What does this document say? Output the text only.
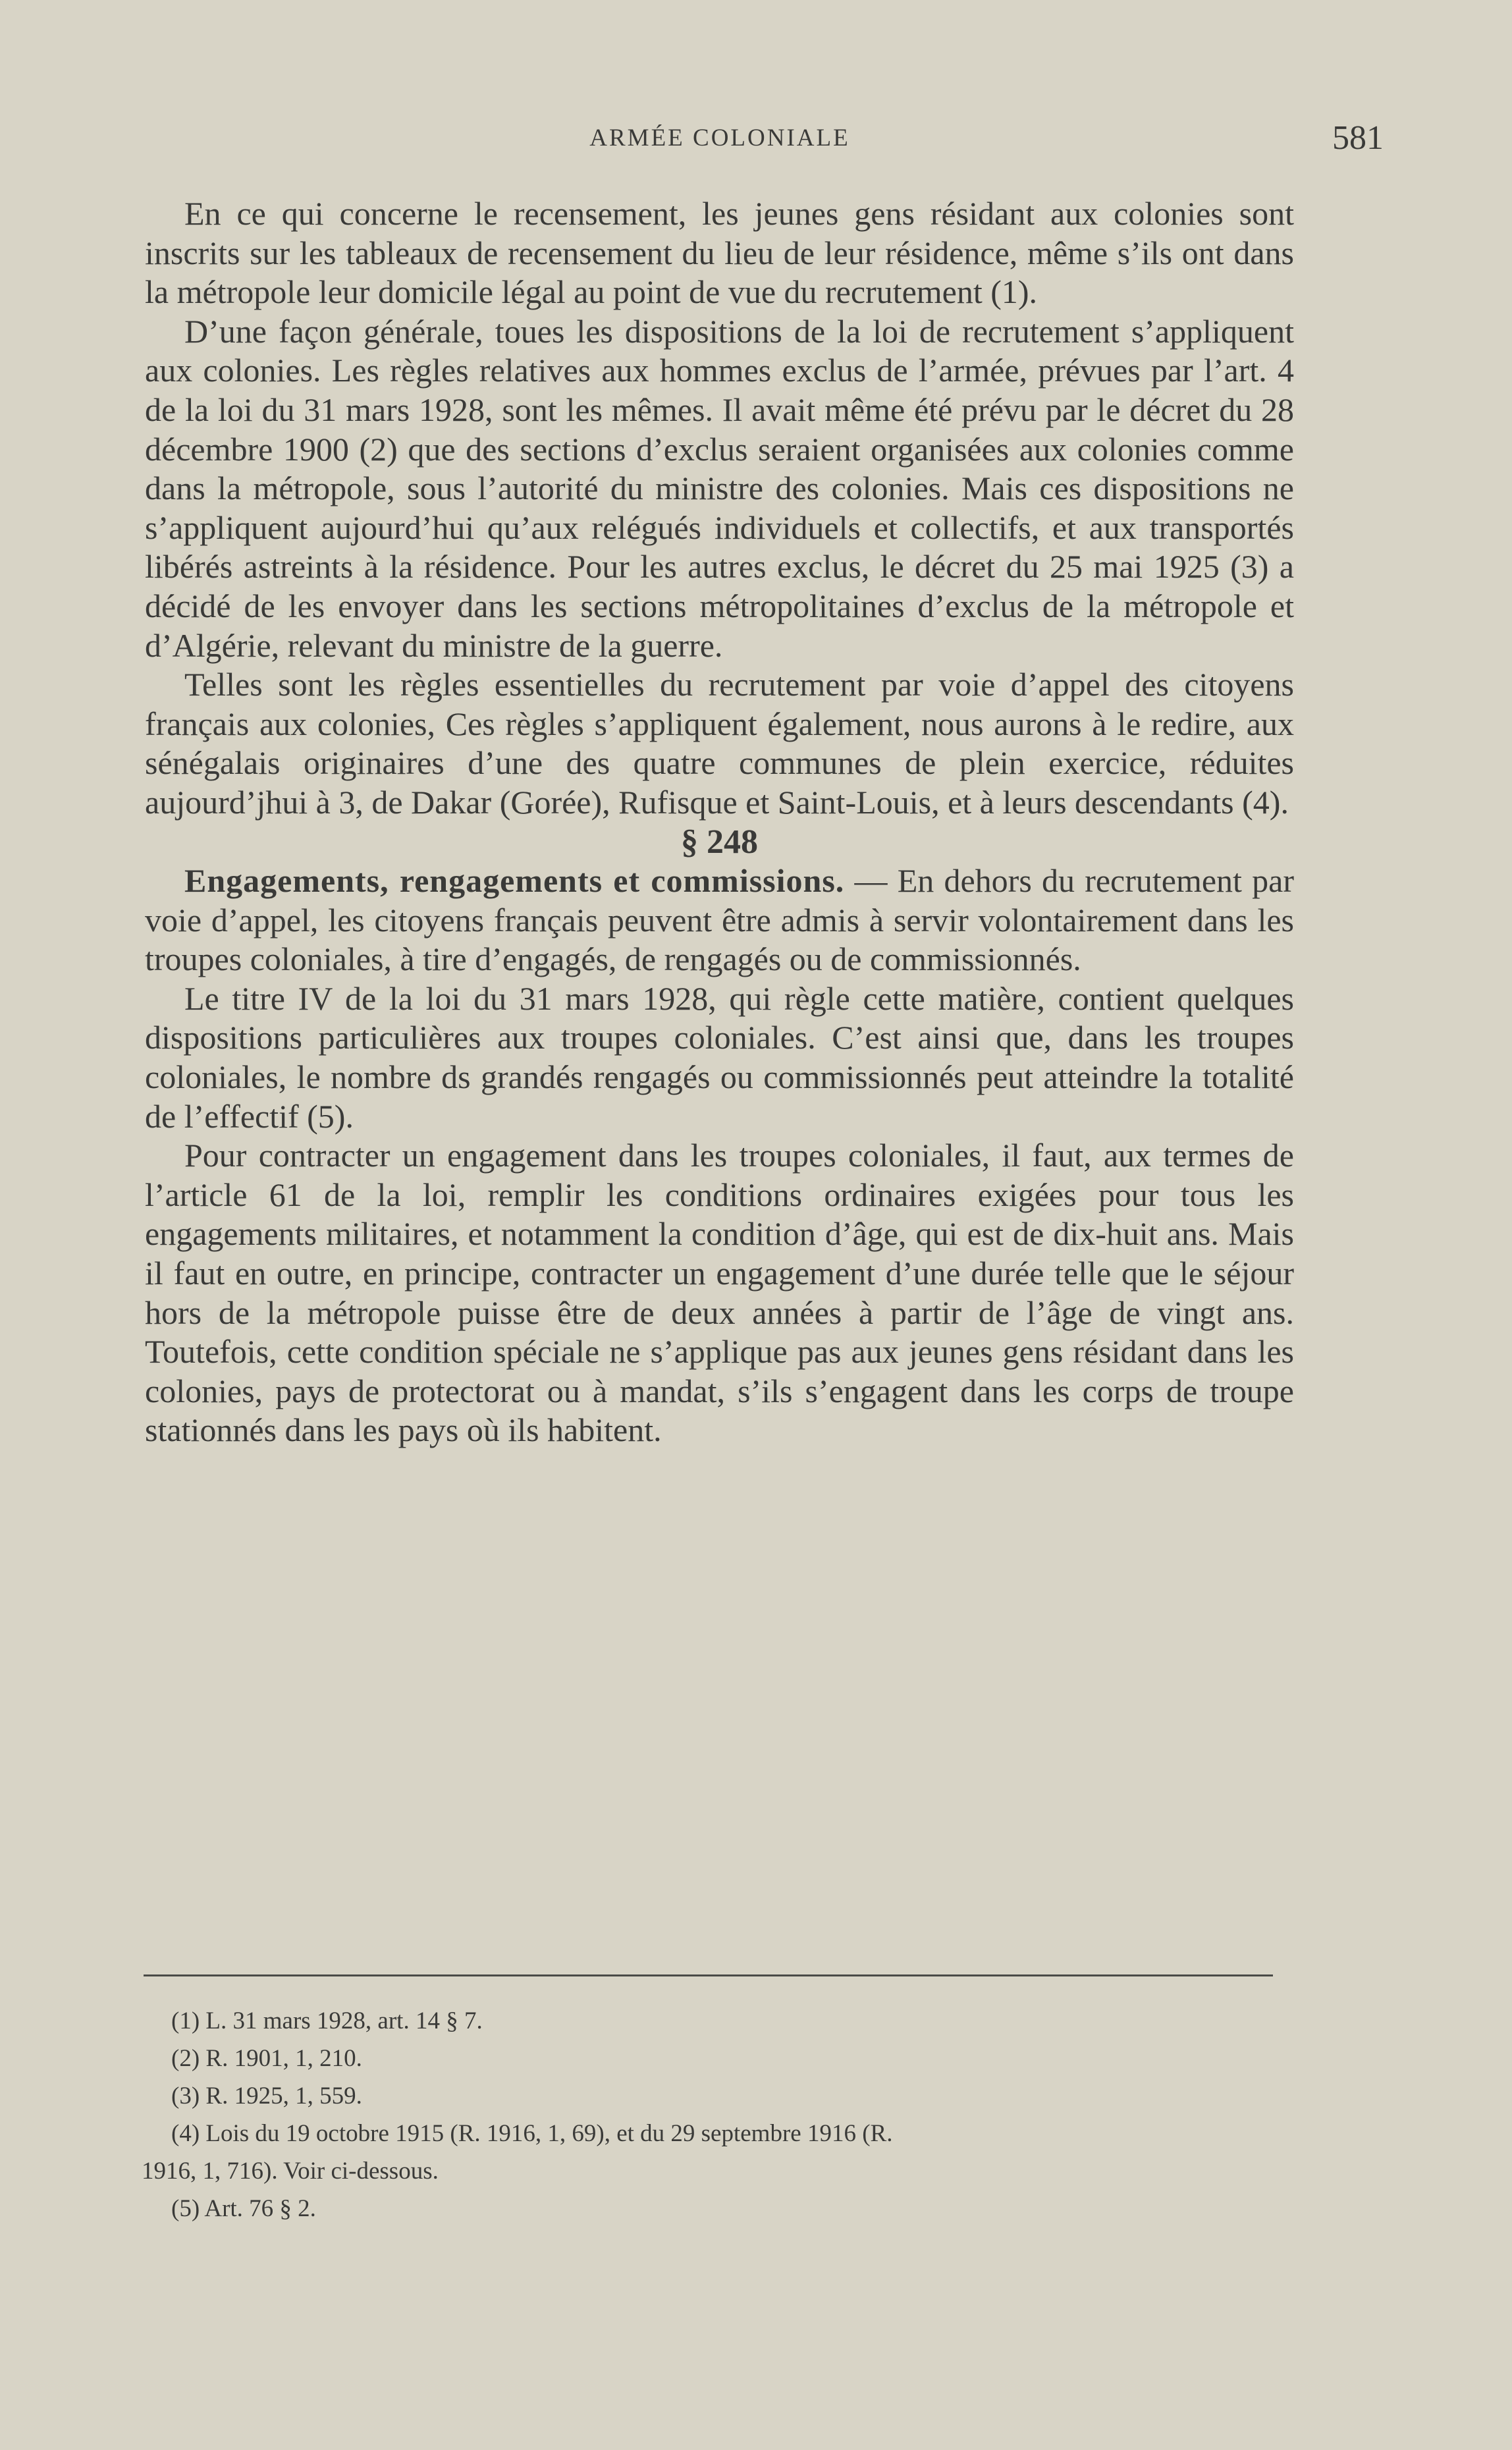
ARMÉE COLONIALE	581

En ce qui concerne le recensement, les jeunes gens résidant aux colonies sont inscrits sur les tableaux de recensement du lieu de leur résidence, même s’ils ont dans la métropole leur domicile légal au point de vue du recrutement (1).

D’une façon générale, toues les dispositions de la loi de recrutement s’appliquent aux colonies. Les règles relatives aux hommes exclus de l’armée, prévues par l’art. 4 de la loi du 31 mars 1928, sont les mêmes. Il avait même été prévu par le décret du 28 décembre 1900 (2) que des sections d’exclus seraient organisées aux colonies comme dans la métropole, sous l’autorité du ministre des colonies. Mais ces dispositions ne s’appliquent aujourd’hui qu’aux relégués individuels et collectifs, et aux transportés libérés astreints à la résidence. Pour les autres exclus, le décret du 25 mai 1925 (3) a décidé de les envoyer dans les sections métropolitaines d’exclus de la métropole et d’Algérie, relevant du ministre de la guerre.

Telles sont les règles essentielles du recrutement par voie d’appel des citoyens français aux colonies, Ces règles s’appliquent également, nous aurons à le redire, aux sénégalais originaires d’une des quatre communes de plein exercice, réduites aujourd’jhui à 3, de Dakar (Gorée), Rufisque et Saint-Louis, et à leurs descendants (4).

§ 248

Engagements, rengagements et commissions. — En dehors du recrutement par voie d’appel, les citoyens français peuvent être admis à servir volontairement dans les troupes coloniales, à tire d’engagés, de rengagés ou de commissionnés.

Le titre IV de la loi du 31 mars 1928, qui règle cette matière, contient quelques dispositions particulières aux troupes coloniales. C’est ainsi que, dans les troupes coloniales, le nombre ds grandés rengagés ou commissionnés peut atteindre la totalité de l’effectif (5).

Pour contracter un engagement dans les troupes coloniales, il faut, aux termes de l’article 61 de la loi, remplir les conditions ordinaires exigées pour tous les engagements militaires, et notamment la condition d’âge, qui est de dix-huit ans. Mais il faut en outre, en principe, contracter un engagement d’une durée telle que le séjour hors de la métropole puisse être de deux années à partir de l’âge de vingt ans. Toutefois, cette condition spéciale ne s’applique pas aux jeunes gens résidant dans les colonies, pays de protectorat ou à mandat, s’ils s’engagent dans les corps de troupe stationnés dans les pays où ils habitent.

(1) L. 31 mars 1928, art. 14 § 7.
(2) R. 1901, 1, 210.
(3) R. 1925, 1, 559.
(4) Lois du 19 octobre 1915 (R. 1916, 1, 69), et du 29 septembre 1916 (R.
1916, 1, 716). Voir ci-dessous.
(5) Art. 76 § 2.
